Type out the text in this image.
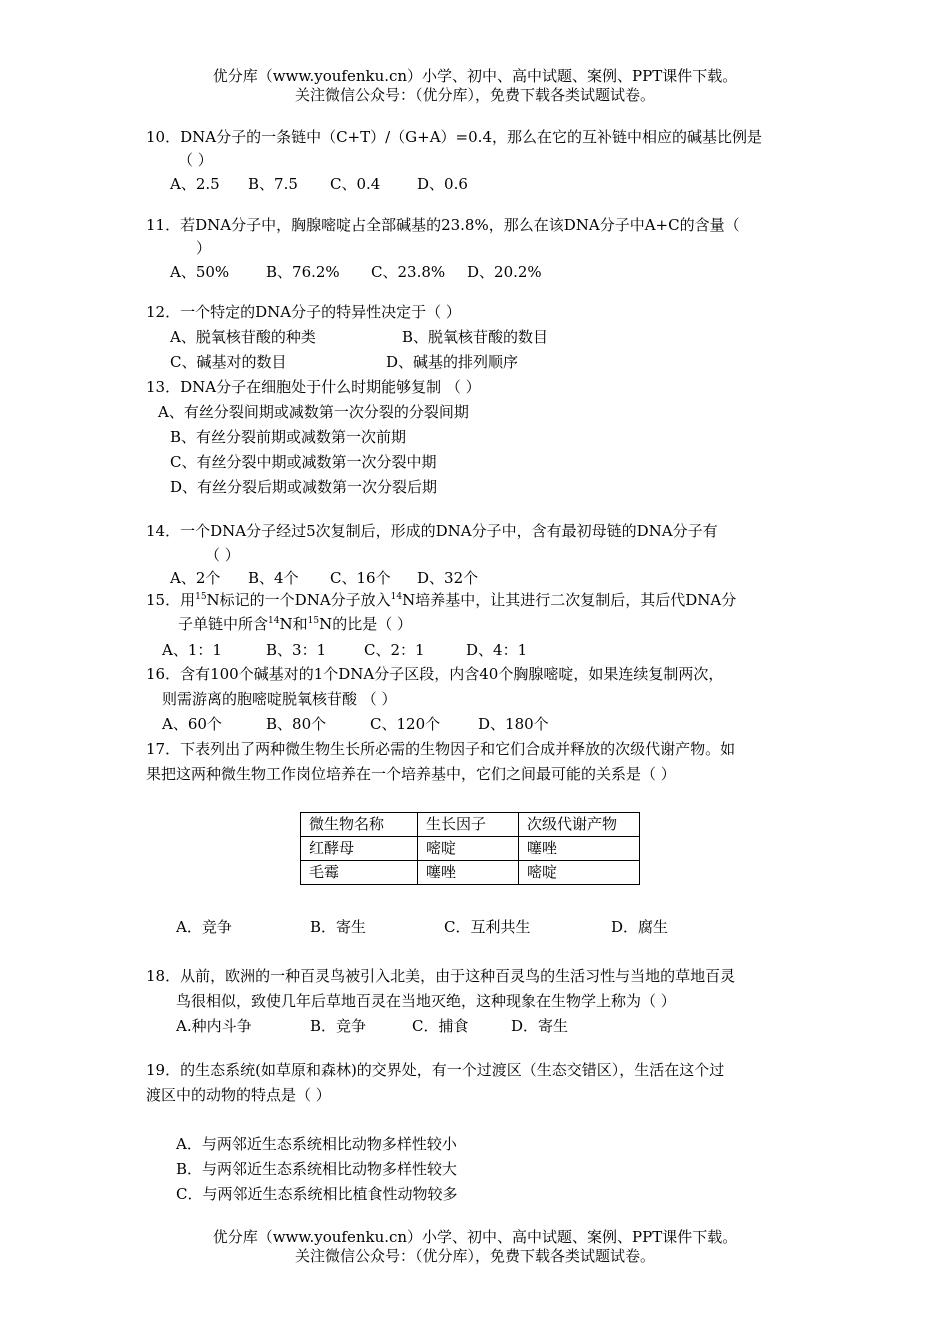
优分库（www.youfenku.cn）小学、初中、高中试题、案例、PPT课件下载。
关注微信公众号：（优分库），免费下载各类试题试卷。
10．DNA分子的一条链中（C+T）/（G+A）=0.4，那么在它的互补链中相应的碱基比例是
（ ）
A、2.5 B、7.5 C、0.4 D、0.6
11．若DNA分子中，胸腺嘧啶占全部碱基的23.8%，那么在该DNA分子中A+C的含量（
）
A、50% B、76.2% C、23.8% D、20.2%
12．一个特定的DNA分子的特异性决定于（ ）
A、脱氧核苷酸的种类	B、脱氧核苷酸的数目
C、碱基对的数目	D、碱基的排列顺序
13．DNA分子在细胞处于什么时期能够复制 （ ）
A、有丝分裂间期或减数第一次分裂的分裂间期
B、有丝分裂前期或减数第一次前期
C、有丝分裂中期或减数第一次分裂中期
D、有丝分裂后期或减数第一次分裂后期
14．一个DNA分子经过5次复制后，形成的DNA分子中，含有最初母链的DNA分子有
（ ）
A、2个 B、4个 C、16个 D、32个
15．用$^{15}$N标记的一个DNA分子放入$^{14}$N培养基中，让其进行二次复制后，其后代DNA分
子单链中所含$^{14}$N和$^{15}$N的比是（ ）
A、1：1	B、3：1	C、2：1	D、4：1
16．含有100个碱基对的1个DNA分子区段，内含40个胸腺嘧啶，如果连续复制两次，
则需游离的胞嘧啶脱氧核苷酸 （ ）
A、60个	B、80个	C、120个	D、180个
17．下表列出了两种微生物生长所必需的生物因子和它们合成并释放的次级代谢产物。如
果把这两种微生物工作岗位培养在一个培养基中，它们之间最可能的关系是（ ）
微生物名称	生长因子	次级代谢产物
红酵母	嘧啶	噻唑
毛霉	噻唑	嘧啶
A．竞争	B．寄生	C．互利共生	D．腐生
18．从前，欧洲的一种百灵鸟被引入北美，由于这种百灵鸟的生活习性与当地的草地百灵
鸟很相似，致使几年后草地百灵在当地灭绝，这种现象在生物学上称为（ ）
A.种内斗争	B．竞争	C．捕食	D．寄生
19．的生态系统(如草原和森林)的交界处，有一个过渡区（生态交错区），生活在这个过
渡区中的动物的特点是（ ）
A．与两邻近生态系统相比动物多样性较小
B．与两邻近生态系统相比动物多样性较大
C．与两邻近生态系统相比植食性动物较多
优分库（www.youfenku.cn）小学、初中、高中试题、案例、PPT课件下载。
关注微信公众号：（优分库），免费下载各类试题试卷。
